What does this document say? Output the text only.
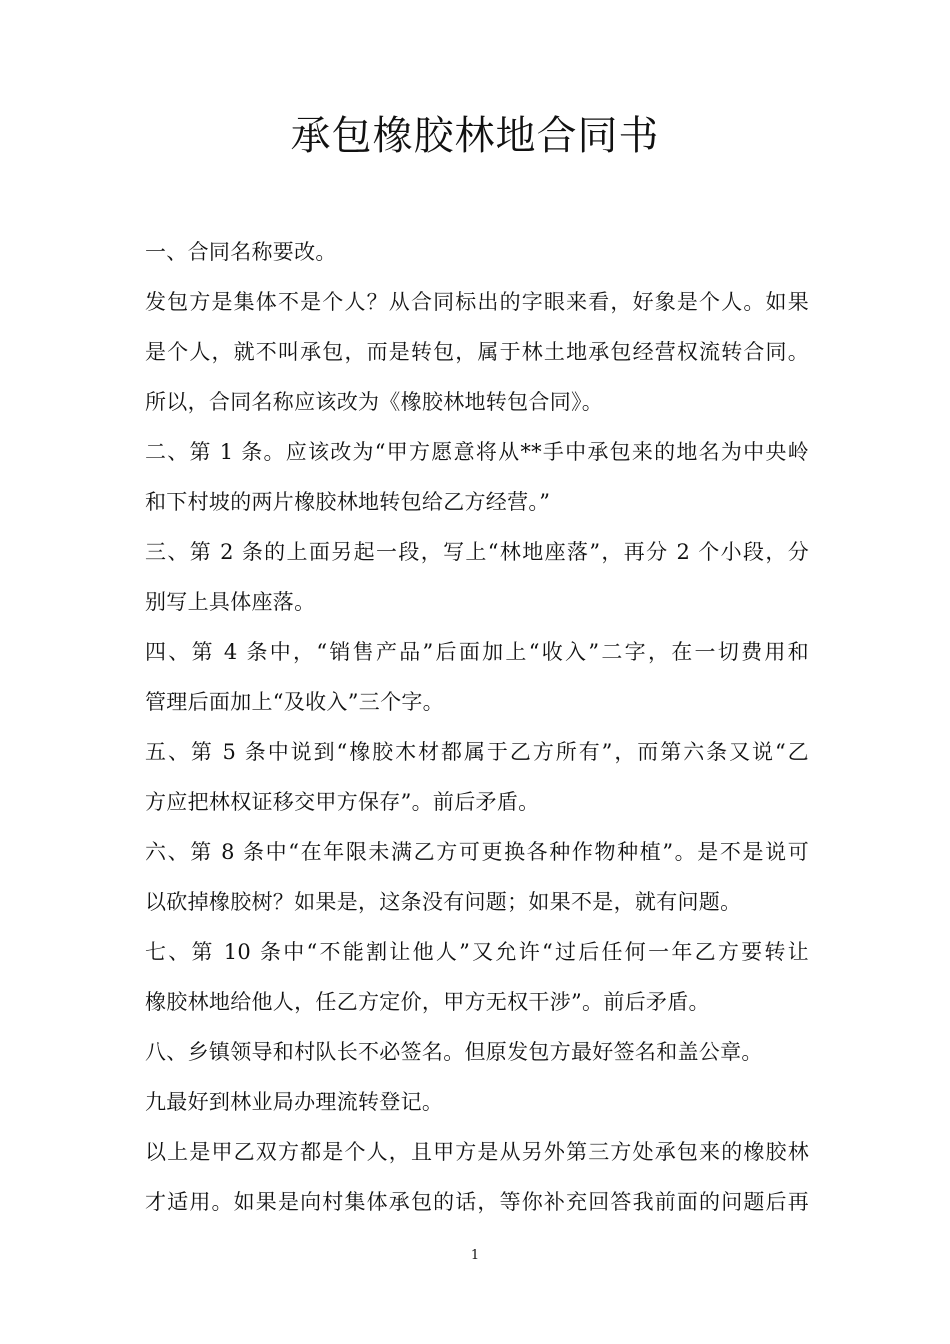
承包橡胶林地合同书
一、合同名称要改。
发包方是集体不是个人？从合同标出的字眼来看，好象是个人。如果
是个人，就不叫承包，而是转包，属于林土地承包经营权流转合同。
所以，合同名称应该改为《橡胶林地转包合同》。
二、第 1 条。应该改为“甲方愿意将从**手中承包来的地名为中央岭
和下村坡的两片橡胶林地转包给乙方经营。”
三、第 2 条的上面另起一段，写上“林地座落”，再分 2 个小段，分
别写上具体座落。
四、第 4 条中，“销售产品”后面加上“收入”二字，在一切费用和
管理后面加上“及收入”三个字。
五、第 5 条中说到“橡胶木材都属于乙方所有”，而第六条又说“乙
方应把林权证移交甲方保存”。前后矛盾。
六、第 8 条中“在年限未满乙方可更换各种作物种植”。是不是说可
以砍掉橡胶树？如果是，这条没有问题；如果不是，就有问题。
七、第 10 条中“不能割让他人”又允许“过后任何一年乙方要转让
橡胶林地给他人，任乙方定价，甲方无权干涉”。前后矛盾。
八、乡镇领导和村队长不必签名。但原发包方最好签名和盖公章。
九最好到林业局办理流转登记。
以上是甲乙双方都是个人，且甲方是从另外第三方处承包来的橡胶林
才适用。如果是向村集体承包的话，等你补充回答我前面的问题后再
1
